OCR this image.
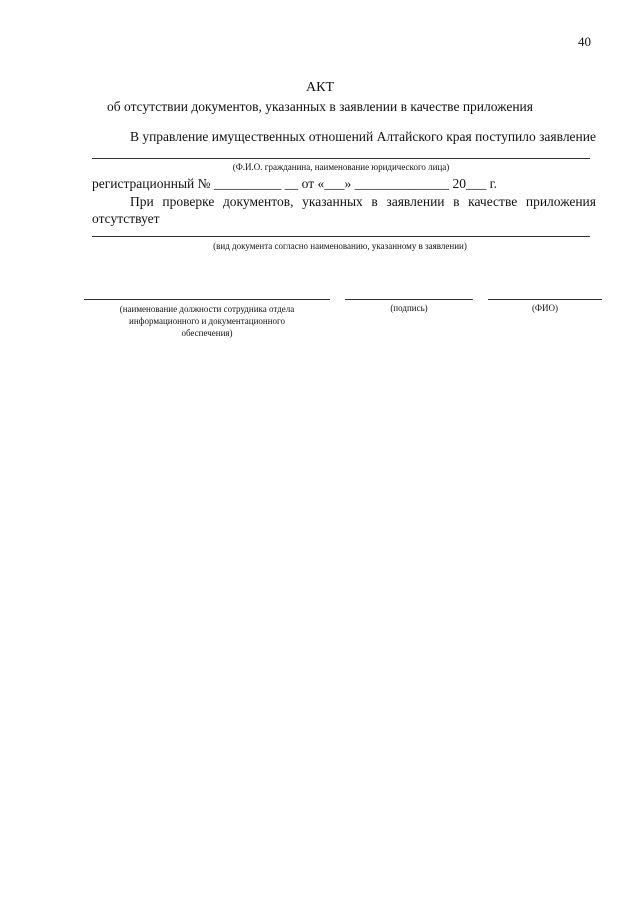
40
АКТ
об отсутствии документов, указанных в заявлении в качестве приложения
В управление имущественных отношений Алтайского края поступило заявление
(Ф.И.О. гражданина, наименование юридического лица)
регистрационный № __________ __ от «___» ______________ 20___ г.
При проверке документов, указанных в заявлении в качестве приложения
отсутствует
(вид документа согласно наименованию, указанному в заявлении)
(наименование должности сотрудника отдела
информационного и документационного
обеспечения)
(подпись)	(ФИО)
